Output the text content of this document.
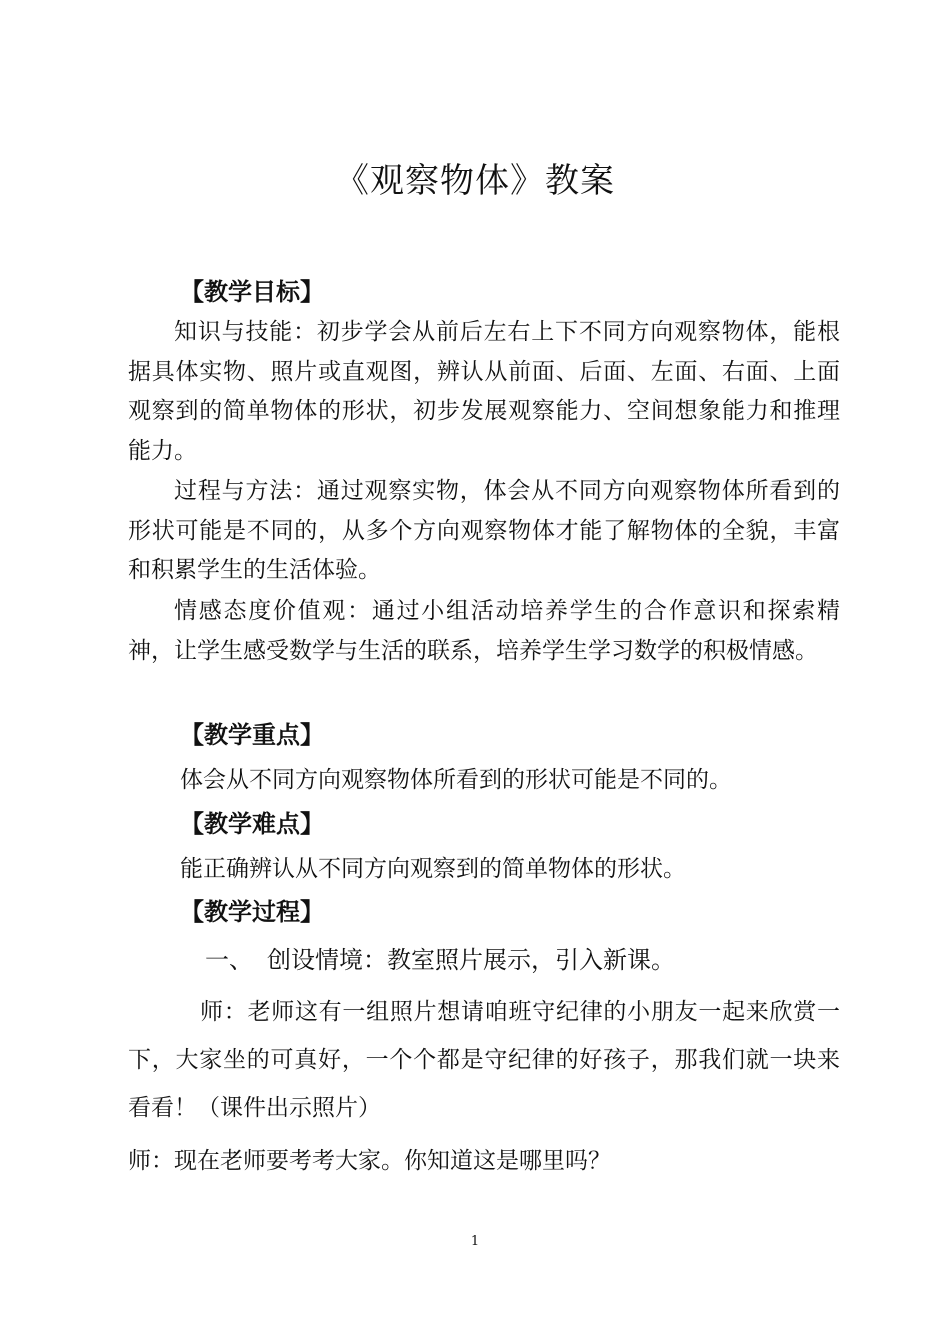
《观察物体》教案
【教学目标】

知识与技能：初步学会从前后左右上下不同方向观察物体，能根据具体实物、照片或直观图，辨认从前面、后面、左面、右面、上面观察到的简单物体的形状，初步发展观察能力、空间想象能力和推理能力。

过程与方法：通过观察实物，体会从不同方向观察物体所看到的形状可能是不同的，从多个方向观察物体才能了解物体的全貌，丰富和积累学生的生活体验。

情感态度价值观：通过小组活动培养学生的合作意识和探索精神，让学生感受数学与生活的联系，培养学生学习数学的积极情感。

【教学重点】

体会从不同方向观察物体所看到的形状可能是不同的。

【教学难点】

能正确辨认从不同方向观察到的简单物体的形状。

【教学过程】
一、 创设情境：教室照片展示，引入新课。

师：老师这有一组照片想请咱班守纪律的小朋友一起来欣赏一下，大家坐的可真好，一个个都是守纪律的好孩子，那我们就一块来看看！（课件出示照片）

师：现在老师要考考大家。你知道这是哪里吗？

1
